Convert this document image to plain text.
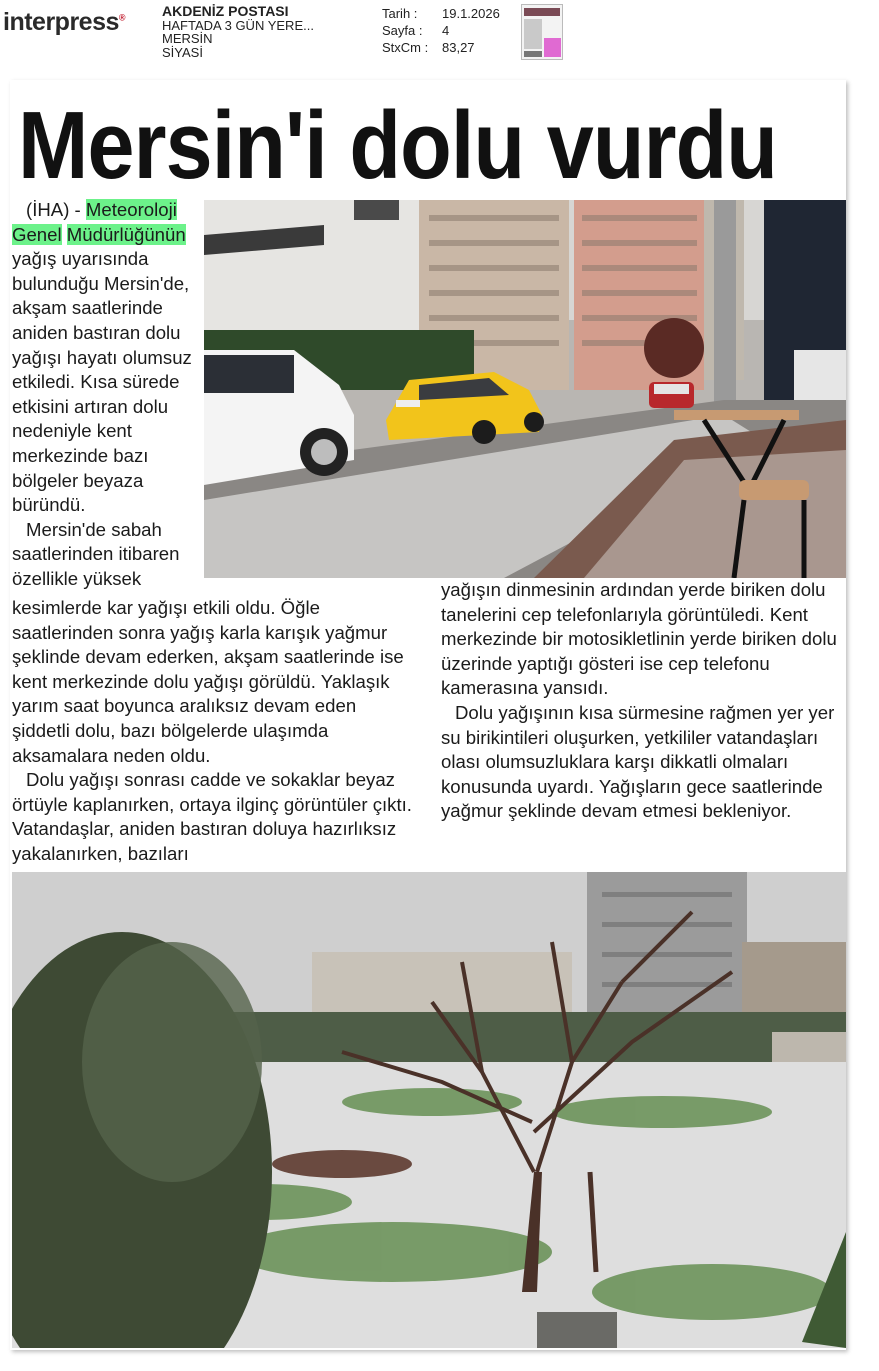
interpress®	AKDENİZ POSTASI
HAFTADA 3 GÜN YERE...
MERSİN
SİYASİ
Tarih :	19.1.2026
Sayfa :	4
StxCm :	83,27
Mersin'i dolu vurdu

(İHA) - Meteoroloji Genel Müdürlüğünün yağış uyarısında bulunduğu Mersin'de, akşam saatlerinde aniden bastıran dolu yağışı hayatı olumsuz etkiledi. Kısa sürede etkisini artıran dolu nedeniyle kent merkezinde bazı bölgeler beyaza büründü.

Mersin'de sabah saatlerinden itibaren özellikle yüksek

kesimlerde kar yağışı etkili oldu. Öğle saatlerinden sonra yağış karla karışık yağmur şeklinde devam ederken, akşam saatlerinde ise kent merkezinde dolu yağışı görüldü. Yaklaşık yarım saat boyunca aralıksız devam eden şiddetli dolu, bazı bölgelerde ulaşımda aksamalara neden oldu.

Dolu yağışı sonrası cadde ve sokaklar beyaz örtüyle kaplanırken, ortaya ilginç görüntüler çıktı. Vatandaşlar, aniden bastıran doluya hazırlıksız yakalanırken, bazıları

yağışın dinmesinin ardından yerde biriken dolu tanelerini cep telefonlarıyla görüntüledi. Kent merkezinde bir motosikletlinin yerde biriken dolu üzerinde yaptığı gösteri ise cep telefonu kamerasına yansıdı.

Dolu yağışının kısa sürmesine rağmen yer yer su birikintileri oluşurken, yetkililer vatandaşları olası olumsuzluklara karşı dikkatli olmaları konusunda uyardı. Yağışların gece saatlerinde yağmur şeklinde devam etmesi bekleniyor.
